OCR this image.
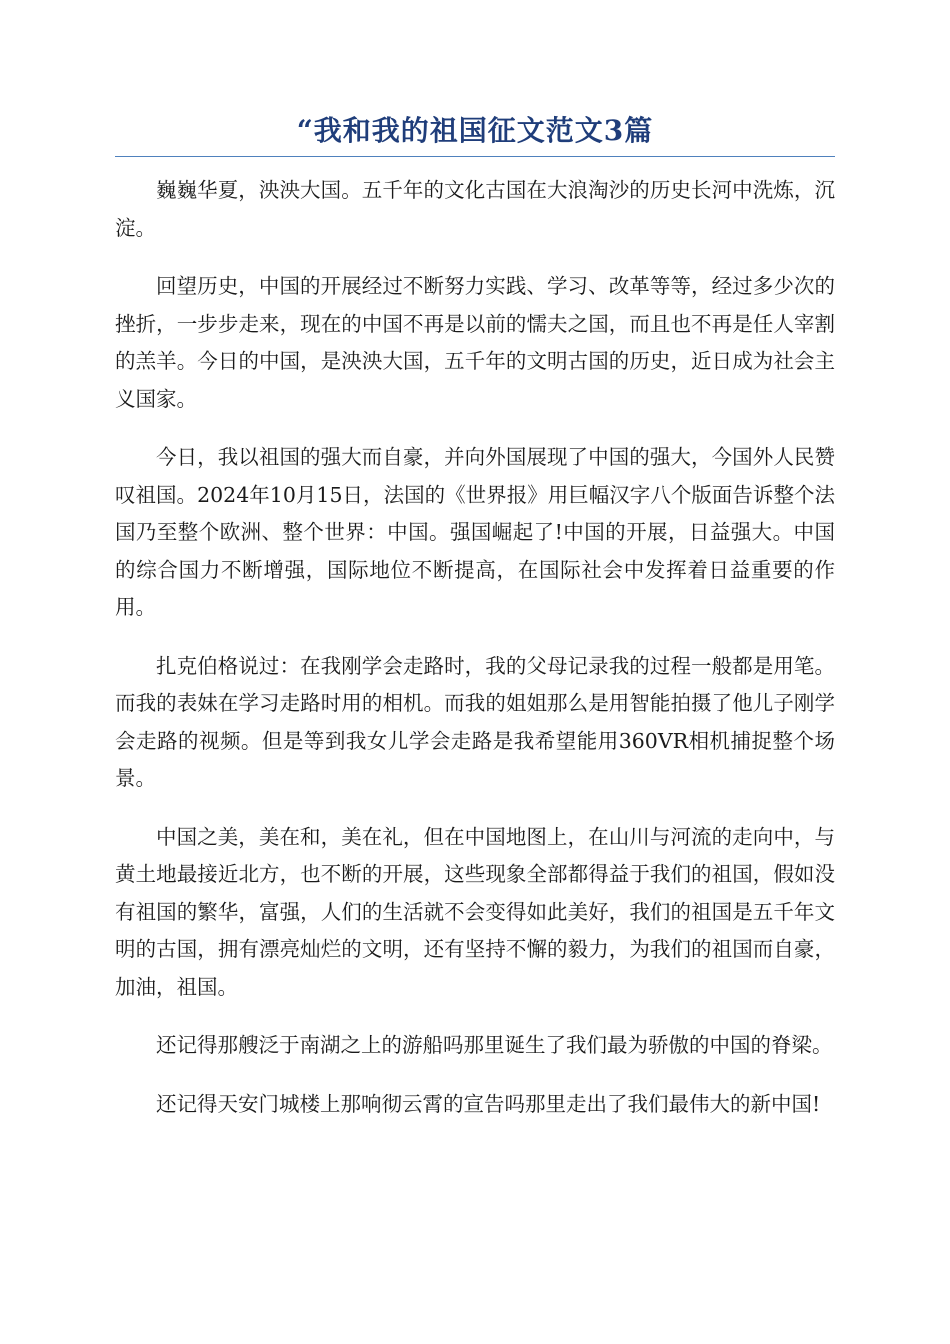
“我和我的祖国征文范文3篇

巍巍华夏，泱泱大国。五千年的文化古国在大浪淘沙的历史长河中洗炼，沉淀。

回望历史，中国的开展经过不断努力实践、学习、改革等等，经过多少次的挫折，一步步走来，现在的中国不再是以前的懦夫之国，而且也不再是任人宰割的羔羊。今日的中国，是泱泱大国，五千年的文明古国的历史，近日成为社会主义国家。

今日，我以祖国的强大而自豪，并向外国展现了中国的强大，今国外人民赞叹祖国。2024年10月15日，法国的《世界报》用巨幅汉字八个版面告诉整个法国乃至整个欧洲、整个世界：中国。强国崛起了!中国的开展，日益强大。中国的综合国力不断增强，国际地位不断提高，在国际社会中发挥着日益重要的作用。

扎克伯格说过：在我刚学会走路时，我的父母记录我的过程一般都是用笔。而我的表妹在学习走路时用的相机。而我的姐姐那么是用智能拍摄了他儿子刚学会走路的视频。但是等到我女儿学会走路是我希望能用360VR相机捕捉整个场景。

中国之美，美在和，美在礼，但在中国地图上，在山川与河流的走向中，与黄土地最接近北方，也不断的开展，这些现象全部都得益于我们的祖国，假如没有祖国的繁华，富强，人们的生活就不会变得如此美好，我们的祖国是五千年文明的古国，拥有漂亮灿烂的文明，还有坚持不懈的毅力，为我们的祖国而自豪，加油，祖国。

还记得那艘泛于南湖之上的游船吗那里诞生了我们最为骄傲的中国的脊梁。

还记得天安门城楼上那响彻云霄的宣告吗那里走出了我们最伟大的新中国!
